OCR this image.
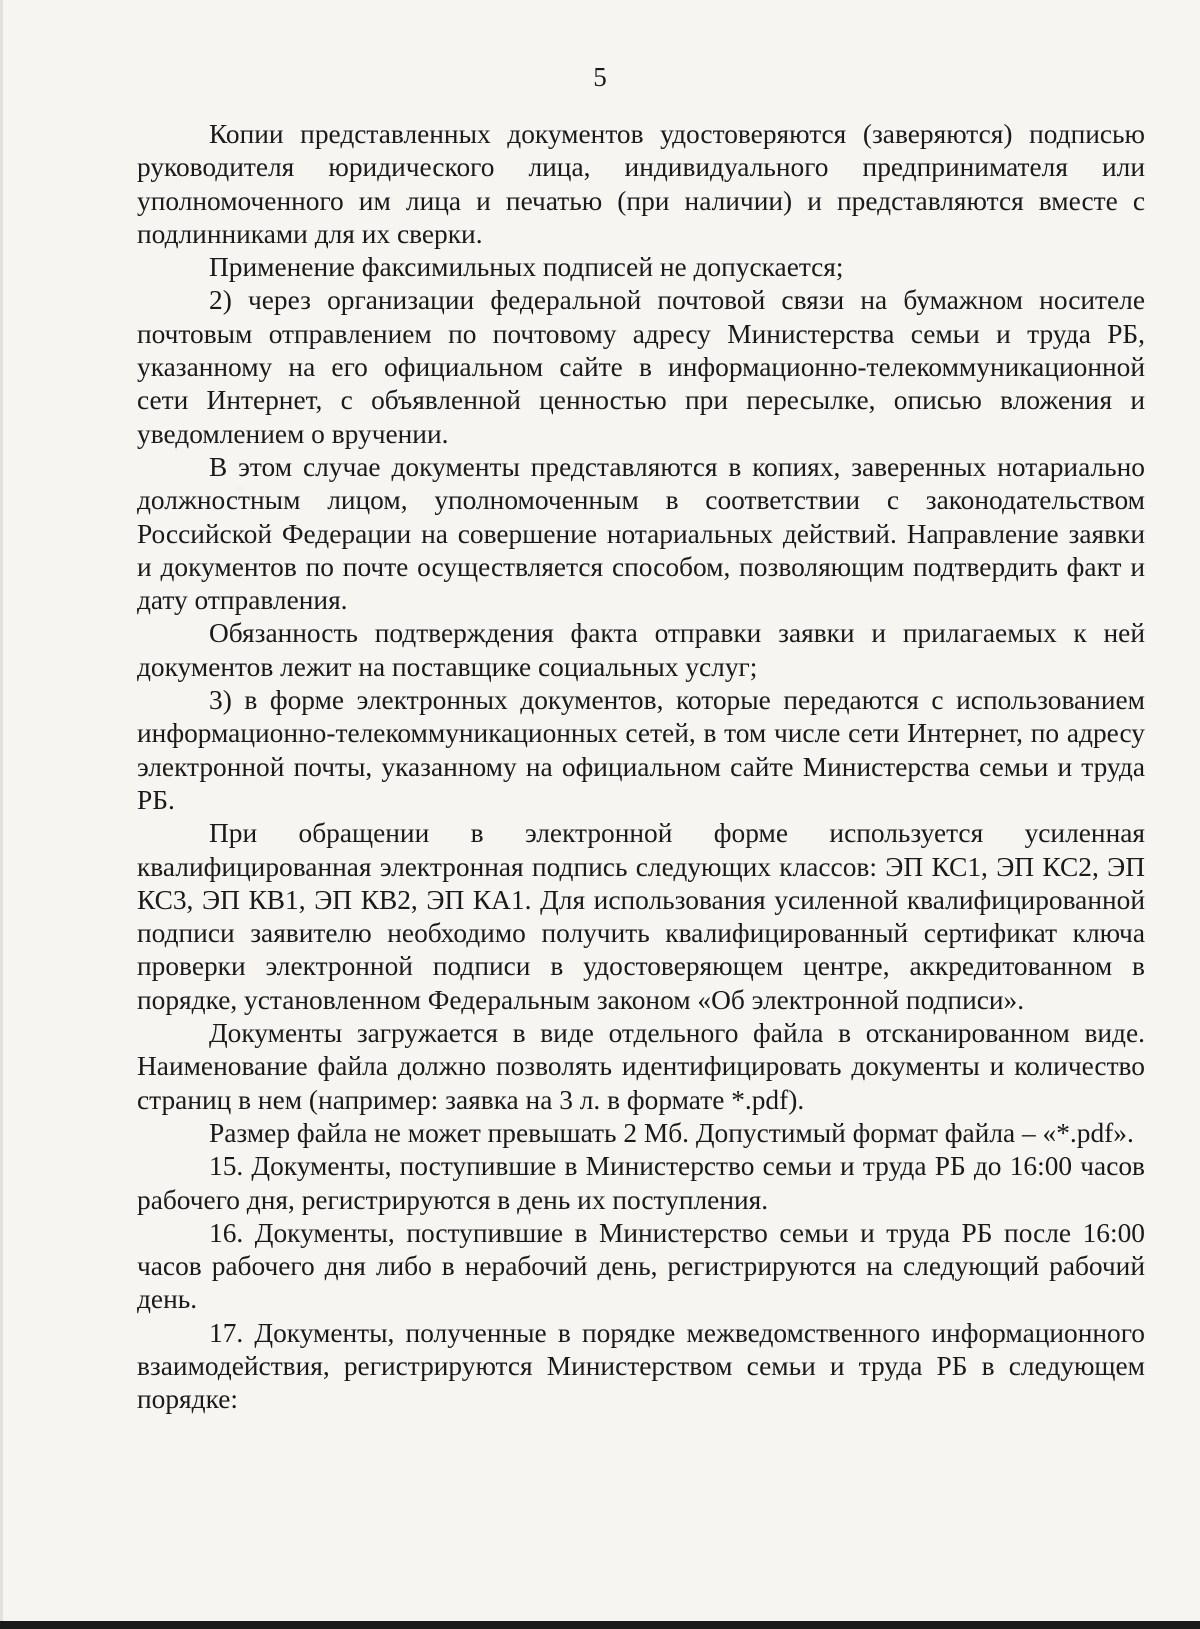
5

Копии представленных документов удостоверяются (заверяются) подписью руководителя юридического лица, индивидуального предпринимателя или уполномоченного им лица и печатью (при наличии) и представляются вместе с подлинниками для их сверки.

Применение факсимильных подписей не допускается;

2) через организации федеральной почтовой связи на бумажном носителе почтовым отправлением по почтовому адресу Министерства семьи и труда РБ, указанному на его официальном сайте в информационно-телекоммуникационной сети Интернет, с объявленной ценностью при пересылке, описью вложения и уведомлением о вручении.

В этом случае документы представляются в копиях, заверенных нотариально должностным лицом, уполномоченным в соответствии с законодательством Российской Федерации на совершение нотариальных действий. Направление заявки и документов по почте осуществляется способом, позволяющим подтвердить факт и дату отправления.

Обязанность подтверждения факта отправки заявки и прилагаемых к ней документов лежит на поставщике социальных услуг;

3) в форме электронных документов, которые передаются с использованием информационно-телекоммуникационных сетей, в том числе сети Интернет, по адресу электронной почты, указанному на официальном сайте Министерства семьи и труда РБ.

При обращении в электронной форме используется усиленная квалифицированная электронная подпись следующих классов: ЭП КС1, ЭП КС2, ЭП КС3, ЭП КВ1, ЭП КВ2, ЭП КА1. Для использования усиленной квалифицированной подписи заявителю необходимо получить квалифицированный сертификат ключа проверки электронной подписи в удостоверяющем центре, аккредитованном в порядке, установленном Федеральным законом «Об электронной подписи».

Документы загружается в виде отдельного файла в отсканированном виде. Наименование файла должно позволять идентифицировать документы и количество страниц в нем (например: заявка на 3 л. в формате *.pdf).

Размер файла не может превышать 2 Мб. Допустимый формат файла – «*.pdf».

15. Документы, поступившие в Министерство семьи и труда РБ до 16:00 часов рабочего дня, регистрируются в день их поступления.

16. Документы, поступившие в Министерство семьи и труда РБ после 16:00 часов рабочего дня либо в нерабочий день, регистрируются на следующий рабочий день.

17. Документы, полученные в порядке межведомственного информационного взаимодействия, регистрируются Министерством семьи и труда РБ в следующем порядке:
